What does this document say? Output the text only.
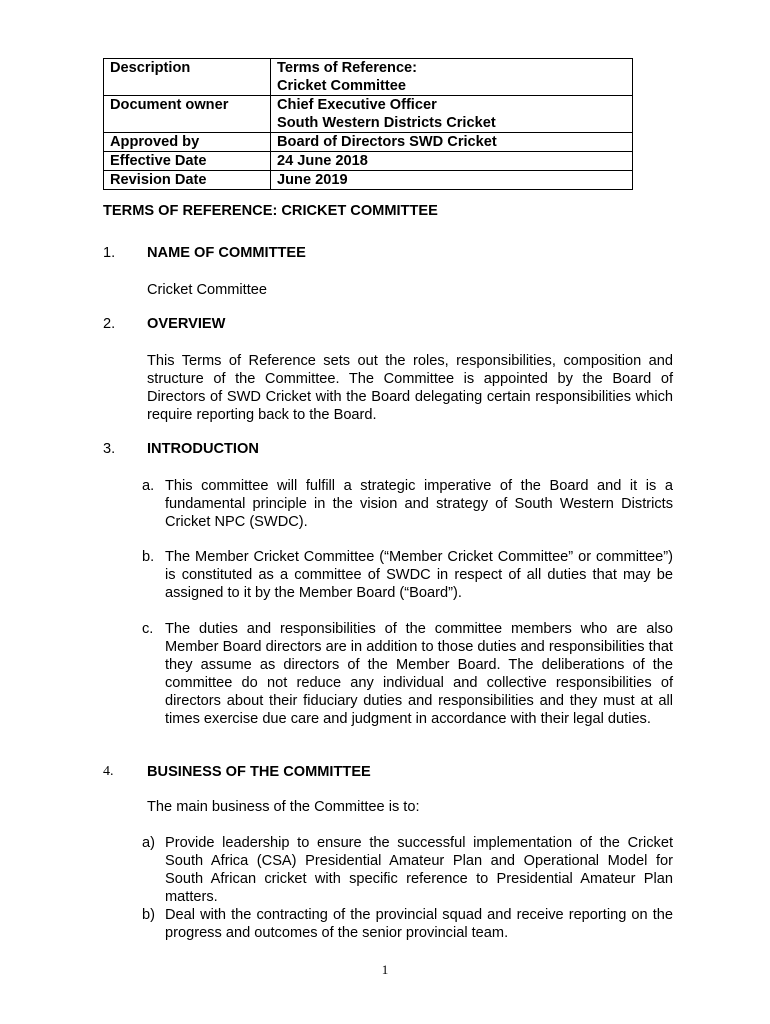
Description	Terms of Reference:
Cricket Committee

Document owner	Chief Executive Officer
South Western Districts Cricket

Approved by	Board of Directors SWD Cricket
Effective Date	24 June 2018
Revision Date	June 2019
TERMS OF REFERENCE: CRICKET COMMITTEE
1. NAME OF COMMITTEE
Cricket Committee
2. OVERVIEW
This Terms of Reference sets out the roles, responsibilities, composition and structure of the Committee. The Committee is appointed by the Board of Directors of SWD Cricket with the Board delegating certain responsibilities which require reporting back to the Board.
3. INTRODUCTION
a. This committee will fulfill a strategic imperative of the Board and it is a fundamental principle in the vision and strategy of South Western Districts Cricket NPC (SWDC).
b. The Member Cricket Committee (“Member Cricket Committee” or committee”) is constituted as a committee of SWDC in respect of all duties that may be assigned to it by the Member Board (“Board”).
c. The duties and responsibilities of the committee members who are also Member Board directors are in addition to those duties and responsibilities that they assume as directors of the Member Board. The deliberations of the committee do not reduce any individual and collective responsibilities of directors about their fiduciary duties and responsibilities and they must at all times exercise due care and judgment in accordance with their legal duties.
4. BUSINESS OF THE COMMITTEE
The main business of the Committee is to:
a) Provide leadership to ensure the successful implementation of the Cricket South Africa (CSA) Presidential Amateur Plan and Operational Model for South African cricket with specific reference to Presidential Amateur Plan matters.
b) Deal with the contracting of the provincial squad and receive reporting on the progress and outcomes of the senior provincial team.
1
